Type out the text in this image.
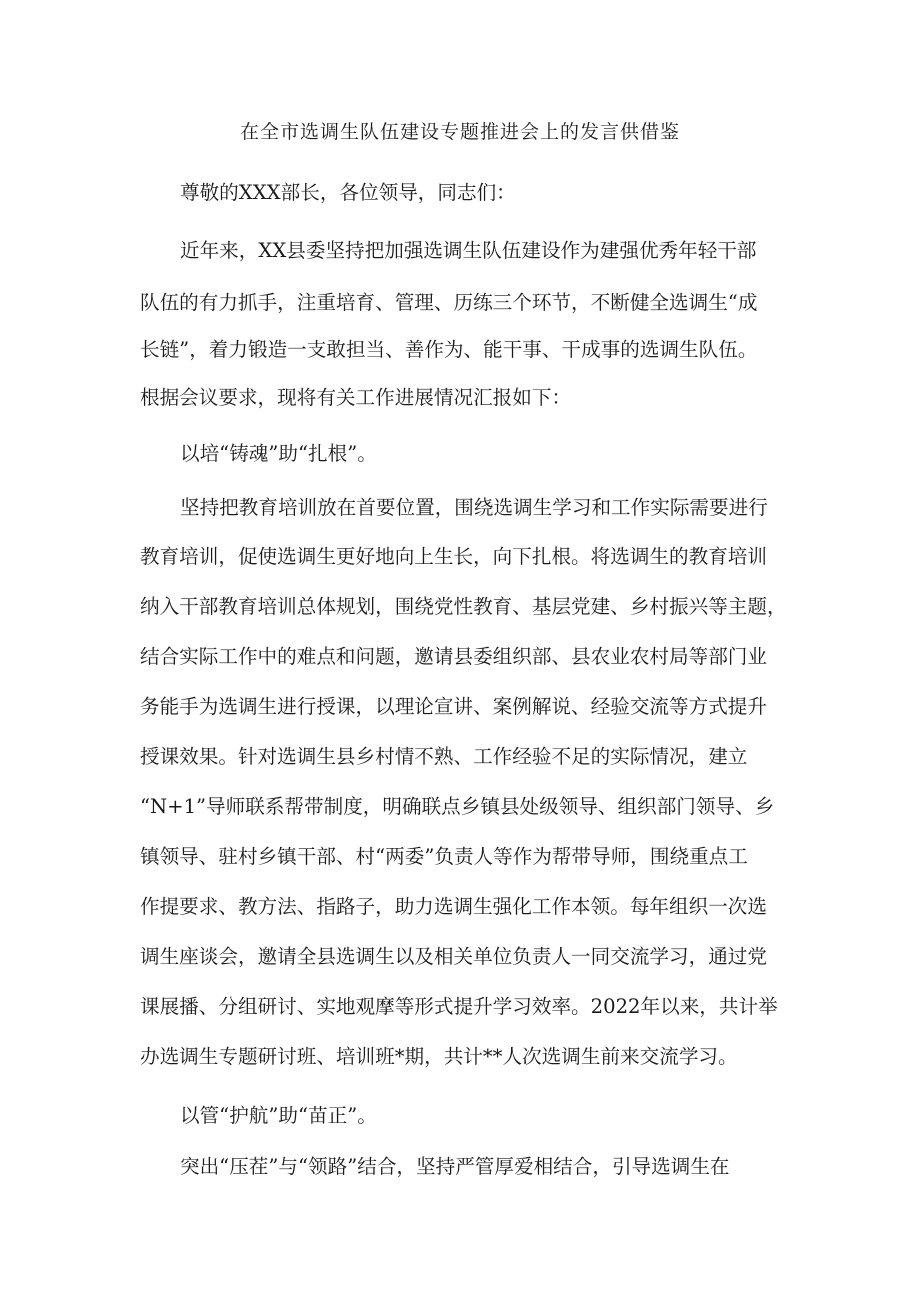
在全市选调生队伍建设专题推进会上的发言供借鉴
尊敬的XXX部长，各位领导，同志们：
近年来，XX县委坚持把加强选调生队伍建设作为建强优秀年轻干部
队伍的有力抓手，注重培育、管理、历练三个环节，不断健全选调生“成
长链”，着力锻造一支敢担当、善作为、能干事、干成事的选调生队伍。
根据会议要求，现将有关工作进展情况汇报如下：
以培“铸魂”助“扎根”。
坚持把教育培训放在首要位置，围绕选调生学习和工作实际需要进行
教育培训，促使选调生更好地向上生长，向下扎根。将选调生的教育培训
纳入干部教育培训总体规划，围绕党性教育、基层党建、乡村振兴等主题，
结合实际工作中的难点和问题，邀请县委组织部、县农业农村局等部门业
务能手为选调生进行授课，以理论宣讲、案例解说、经验交流等方式提升
授课效果。针对选调生县乡村情不熟、工作经验不足的实际情况，建立
“N+1”导师联系帮带制度，明确联点乡镇县处级领导、组织部门领导、乡
镇领导、驻村乡镇干部、村“两委”负责人等作为帮带导师，围绕重点工
作提要求、教方法、指路子，助力选调生强化工作本领。每年组织一次选
调生座谈会，邀请全县选调生以及相关单位负责人一同交流学习，通过党
课展播、分组研讨、实地观摩等形式提升学习效率。2022年以来，共计举
办选调生专题研讨班、培训班*期，共计**人次选调生前来交流学习。
以管“护航”助“苗正”。
突出“压茬”与“领路”结合，坚持严管厚爱相结合，引导选调生在
